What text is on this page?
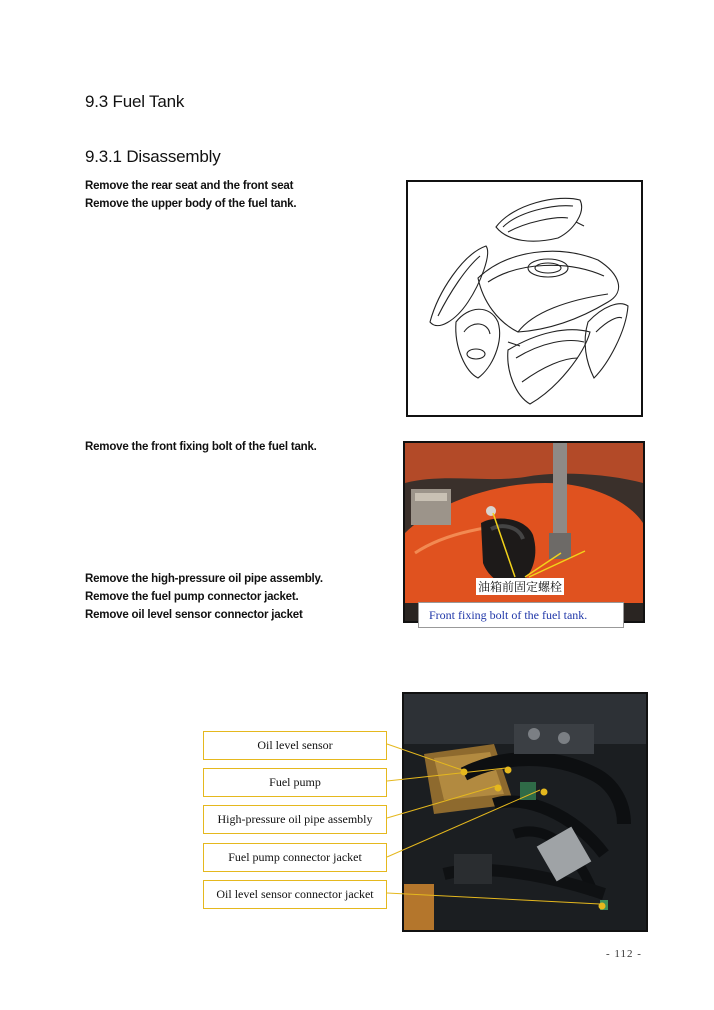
9.3 Fuel Tank
9.3.1 Disassembly
Remove the rear seat and the front seat
Remove the upper body of the fuel tank.
Remove the front fixing bolt of the fuel tank.
Remove the high-pressure oil pipe assembly.
Remove the fuel pump connector jacket.
Remove oil level sensor connector jacket
油箱前固定螺栓
Front fixing bolt of the fuel tank.
Oil level sensor
Fuel pump
High-pressure oil pipe assembly
Fuel pump connector jacket
Oil level sensor connector jacket
- 112 -
